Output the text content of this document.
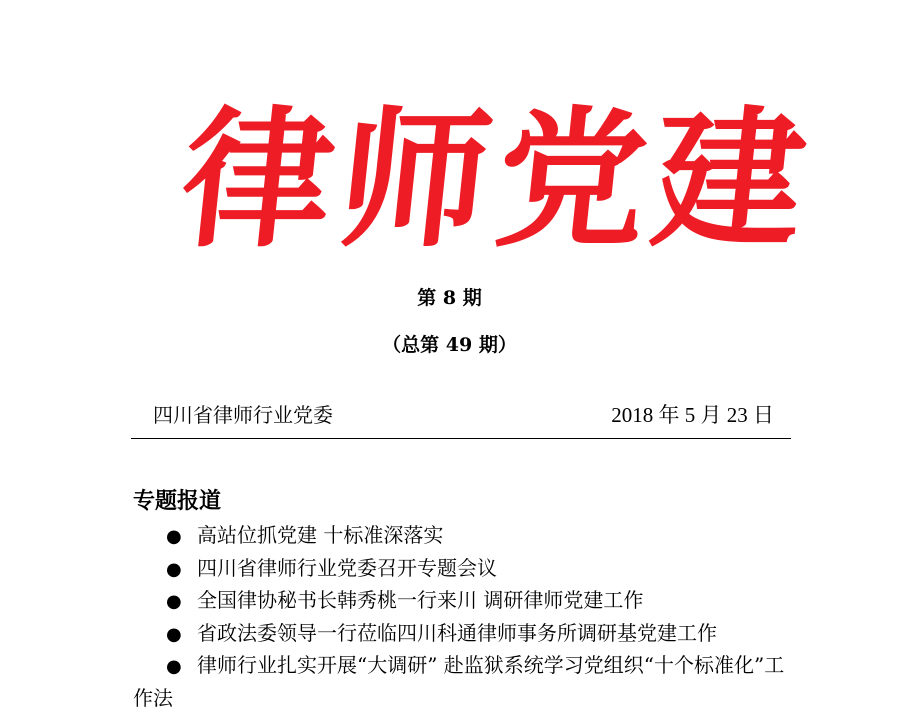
律
师
党
建
第 8 期
（总第 49 期）
四川省律师行业党委	2018 年 5 月 23 日
专题报道
● 高站位抓党建 十标准深落实
● 四川省律师行业党委召开专题会议
● 全国律协秘书长韩秀桃一行来川 调研律师党建工作
● 省政法委领导一行莅临四川科通律师事务所调研基党建工作
● 律师行业扎实开展“大调研” 赴监狱系统学习党组织“十个标准化”工作法
